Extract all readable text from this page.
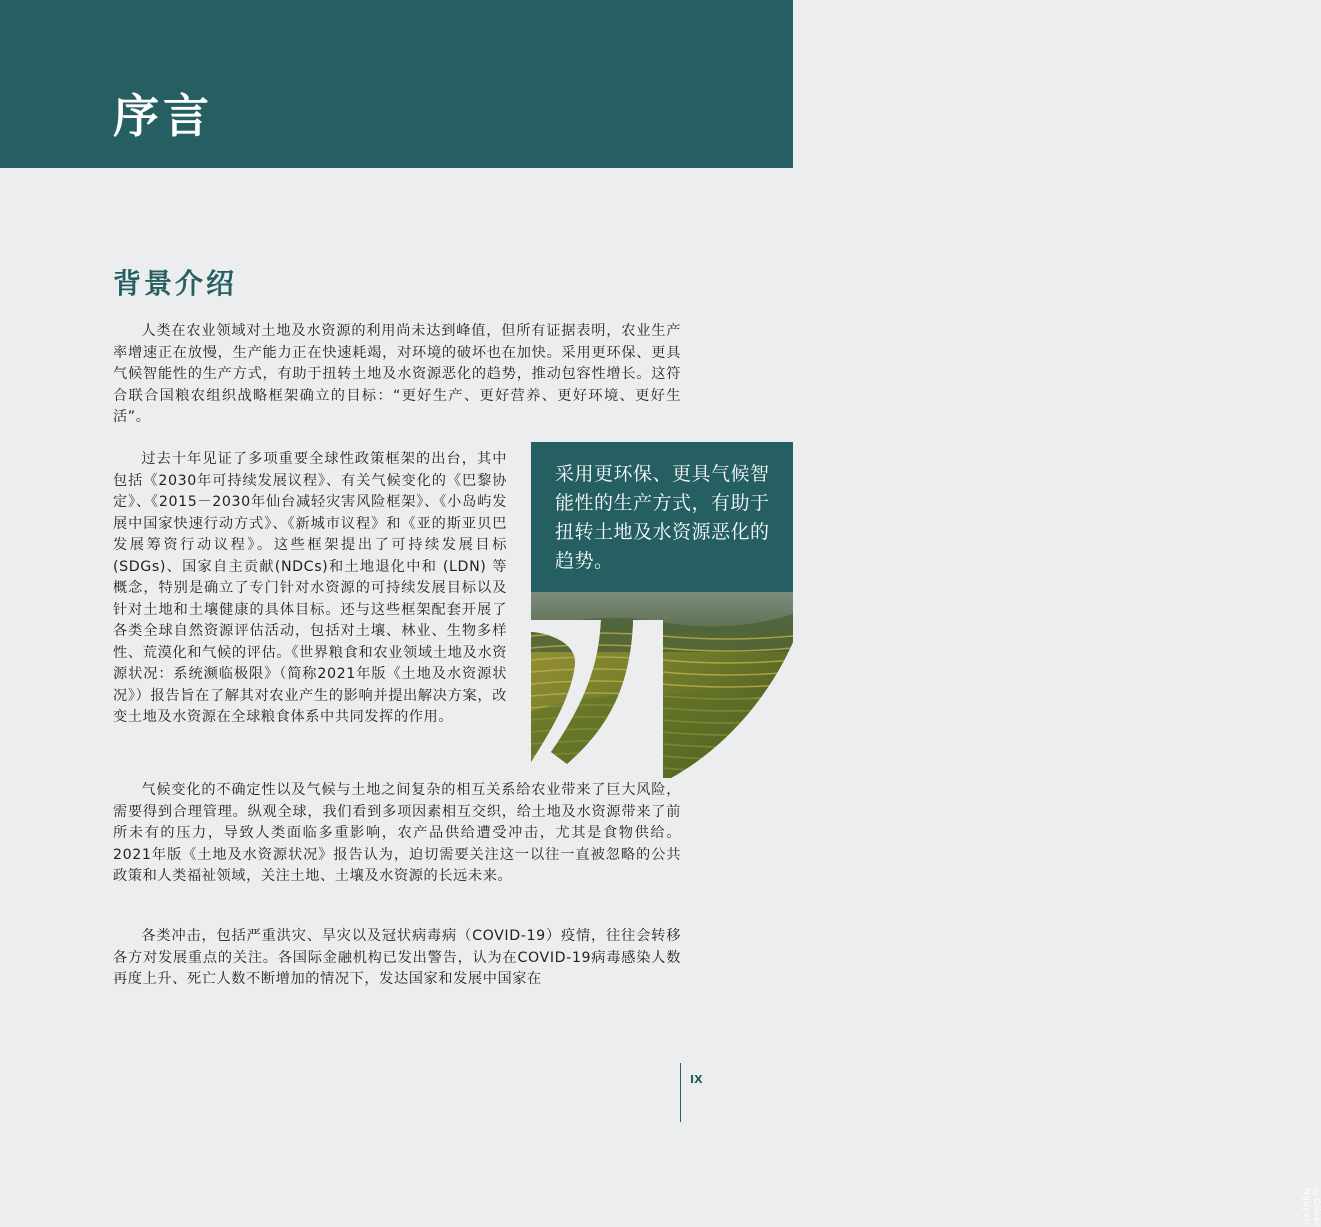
序言
背景介绍

人类在农业领域对土地及水资源的利用尚未达到峰值，但所有证据表明，农业生产率增速正在放慢，生产能力正在快速耗竭，对环境的破坏也在加快。采用更环保、更具气候智能性的生产方式，有助于扭转土地及水资源恶化的趋势，推动包容性增长。这符合联合国粮农组织战略框架确立的目标：“更好生产、更好营养、更好环境、更好生活”。

过去十年见证了多项重要全球性政策框架的出台，其中包括《2030年可持续发展议程》、有关气候变化的《巴黎协定》、《2015－2030年仙台减轻灾害风险框架》、《小岛屿发展中国家快速行动方式》、《新城市议程》和《亚的斯亚贝巴发展筹资行动议程》。这些框架提出了可持续发展目标(SDGs)、国家自主贡献(NDCs)和土地退化中和 (LDN) 等概念，特别是确立了专门针对水资源的可持续发展目标以及针对土地和土壤健康的具体目标。还与这些框架配套开展了各类全球自然资源评估活动，包括对土壤、林业、生物多样性、荒漠化和气候的评估。《世界粮食和农业领域土地及水资源状况：系统濒临极限》（简称2021年版《土地及水资源状况》）报告旨在了解其对农业产生的影响并提出解决方案，改变土地及水资源在全球粮食体系中共同发挥的作用。

气候变化的不确定性以及气候与土地之间复杂的相互关系给农业带来了巨大风险，需要得到合理管理。纵观全球，我们看到多项因素相互交织，给土地及水资源带来了前所未有的压力，导致人类面临多重影响，农产品供给遭受冲击，尤其是食物供给。2021年版《土地及水资源状况》报告认为，迫切需要关注这一以往一直被忽略的公共政策和人类福祉领域，关注土地、土壤及水资源的长远未来。

各类冲击，包括严重洪灾、旱灾以及冠状病毒病（COVID-19）疫情，往往会转移各方对发展重点的关注。各国际金融机构已发出警告，认为在COVID-19病毒感染人数再度上升、死亡人数不断增加的情况下，发达国家和发展中国家在

采用更环保、更具气候智能性的生产方式，有助于扭转土地及水资源恶化的趋势。

©Oliver Nguyen
IX
